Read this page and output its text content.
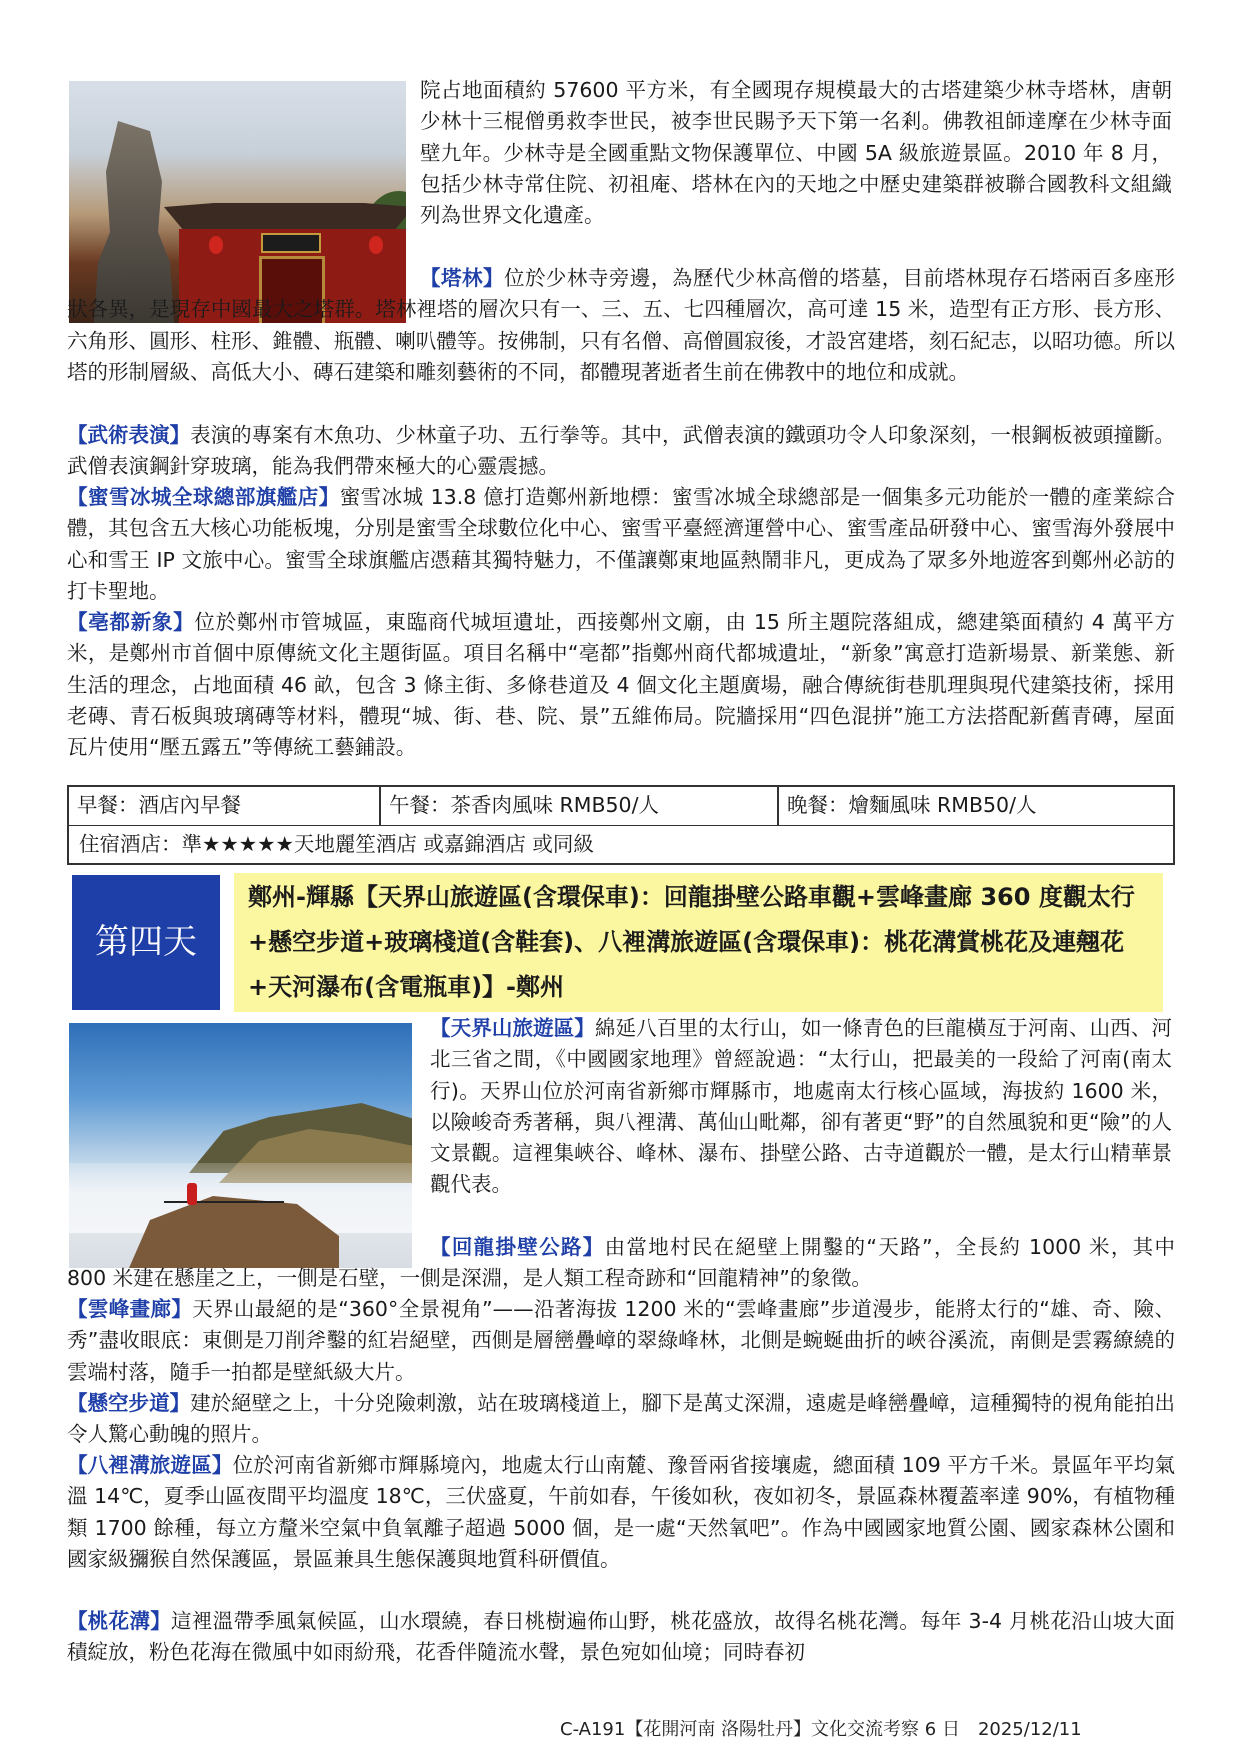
院占地面積約 57600 平方米，有全國現存規模最大的古塔建築少林寺塔林，唐朝少林十三棍僧勇救李世民，被李世民賜予天下第一名剎。佛教祖師達摩在少林寺面壁九年。少林寺是全國重點文物保護單位、中國 5A 級旅遊景區。2010 年 8 月，包括少林寺常住院、初祖庵、塔林在內的天地之中歷史建築群被聯合國教科文組織列為世界文化遺產。

【塔林】位於少林寺旁邊，為歷代少林高僧的塔墓，目前塔林現存石塔兩百多座形狀各異，是現存中國最大之塔群。塔林裡塔的層次只有一、三、五、七四種層次，高可達 15 米，造型有正方形、長方形、六角形、圓形、柱形、錐體、瓶體、喇叭體等。按佛制，只有名僧、高僧圓寂後，才設宮建塔，刻石紀志，以昭功德。所以塔的形制層級、高低大小、磚石建築和雕刻藝術的不同，都體現著逝者生前在佛教中的地位和成就。

【武術表演】表演的專案有木魚功、少林童子功、五行拳等。其中，武僧表演的鐵頭功令人印象深刻，一根鋼板被頭撞斷。武僧表演鋼針穿玻璃，能為我們帶來極大的心靈震撼。

【蜜雪冰城全球總部旗艦店】蜜雪冰城 13.8 億打造鄭州新地標：蜜雪冰城全球總部是一個集多元功能於一體的產業綜合體，其包含五大核心功能板塊，分別是蜜雪全球數位化中心、蜜雪平臺經濟運營中心、蜜雪產品研發中心、蜜雪海外發展中心和雪王 IP 文旅中心。蜜雪全球旗艦店憑藉其獨特魅力，不僅讓鄭東地區熱鬧非凡，更成為了眾多外地遊客到鄭州必訪的打卡聖地。

【亳都新象】位於鄭州市管城區，東臨商代城垣遺址，西接鄭州文廟，由 15 所主題院落組成，總建築面積約 4 萬平方米，是鄭州市首個中原傳統文化主題街區。項目名稱中“亳都”指鄭州商代都城遺址，“新象”寓意打造新場景、新業態、新生活的理念，占地面積 46 畝，包含 3 條主街、多條巷道及 4 個文化主題廣場，融合傳統街巷肌理與現代建築技術，採用老磚、青石板與玻璃磚等材料，體現“城、街、巷、院、景”五維佈局。院牆採用“四色混拼”施工方法搭配新舊青磚，屋面瓦片使用“壓五露五”等傳統工藝鋪設。

早餐：酒店內早餐	午餐：茶香肉風味 RMB50/人	晚餐：燴麵風味 RMB50/人
住宿酒店：準★★★★★天地麗笙酒店 或嘉錦酒店 或同級
第四天
鄭州-輝縣【天界山旅遊區(含環保車)：回龍掛壁公路車觀+雲峰畫廊 360 度觀太行+懸空步道+玻璃棧道(含鞋套)、八裡溝旅遊區(含環保車)：桃花溝賞桃花及連翹花+天河瀑布(含電瓶車)】-鄭州

【天界山旅遊區】綿延八百里的太行山，如一條青色的巨龍橫亙于河南、山西、河北三省之間，《中國國家地理》曾經說過：“太行山，把最美的一段給了河南(南太行)。天界山位於河南省新鄉市輝縣市，地處南太行核心區域，海拔約 1600 米，以險峻奇秀著稱，與八裡溝、萬仙山毗鄰，卻有著更“野”的自然風貌和更“險”的人文景觀。這裡集峽谷、峰林、瀑布、掛壁公路、古寺道觀於一體，是太行山精華景觀代表。

【回龍掛壁公路】由當地村民在絕壁上開鑿的“天路”，全長約 1000 米，其中 800 米建在懸崖之上，一側是石壁，一側是深淵，是人類工程奇跡和“回龍精神”的象徵。

【雲峰畫廊】天界山最絕的是“360°全景視角”——沿著海拔 1200 米的“雲峰畫廊”步道漫步，能將太行的“雄、奇、險、秀”盡收眼底：東側是刀削斧鑿的紅岩絕壁，西側是層巒疊嶂的翠綠峰林，北側是蜿蜒曲折的峽谷溪流，南側是雲霧繚繞的雲端村落，隨手一拍都是壁紙級大片。

【懸空步道】建於絕壁之上，十分兇險刺激，站在玻璃棧道上，腳下是萬丈深淵，遠處是峰巒疊嶂，這種獨特的視角能拍出令人驚心動魄的照片。

【八裡溝旅遊區】位於河南省新鄉市輝縣境內，地處太行山南麓、豫晉兩省接壤處，總面積 109 平方千米。景區年平均氣溫 14℃，夏季山區夜間平均溫度 18℃，三伏盛夏，午前如春，午後如秋，夜如初冬，景區森林覆蓋率達 90%，有植物種類 1700 餘種，每立方釐米空氣中負氧離子超過 5000 個，是一處“天然氧吧”。作為中國國家地質公園、國家森林公園和國家級獼猴自然保護區，景區兼具生態保護與地質科研價值。

【桃花溝】這裡溫帶季風氣候區，山水環繞，春日桃樹遍佈山野，桃花盛放，故得名桃花灣。每年 3-4 月桃花沿山坡大面積綻放，粉色花海在微風中如雨紛飛，花香伴隨流水聲，景色宛如仙境；同時春初

C-A191【花開河南 洛陽牡丹】文化交流考察 6 日　2025/12/11
